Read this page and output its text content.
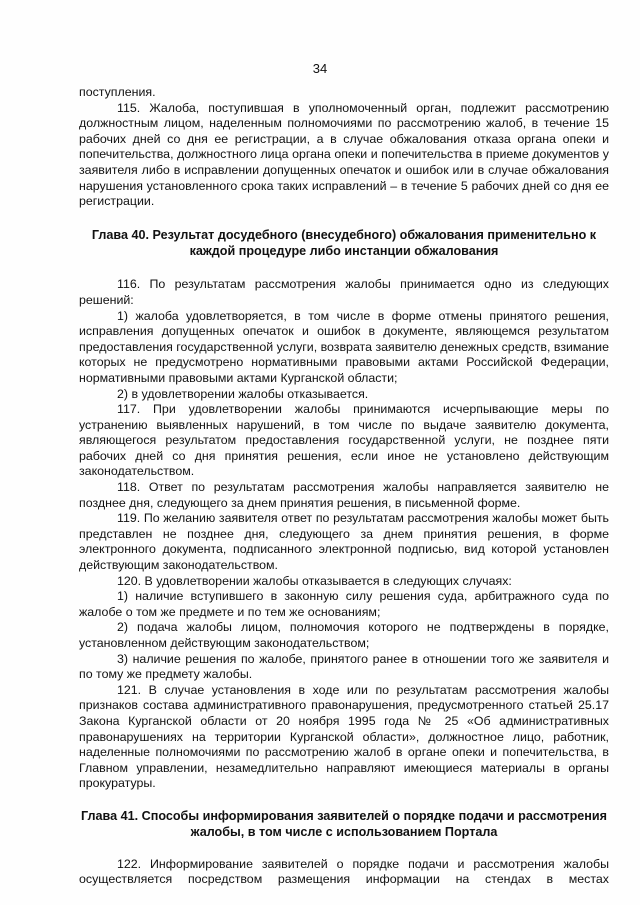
34

поступления.

115. Жалоба, поступившая в уполномоченный орган, подлежит рассмотрению должностным лицом, наделенным полномочиями по рассмотрению жалоб, в течение 15 рабочих дней со дня ее регистрации, а в случае обжалования отказа органа опеки и попечительства, должностного лица органа опеки и попечительства в приеме документов у заявителя либо в исправлении допущенных опечаток и ошибок или в случае обжалования нарушения установленного срока таких исправлений – в течение 5 рабочих дней со дня ее регистрации.

Глава 40. Результат досудебного (внесудебного) обжалования применительно к каждой процедуре либо инстанции обжалования

116. По результатам рассмотрения жалобы принимается одно из следующих решений:

1) жалоба удовлетворяется, в том числе в форме отмены принятого решения, исправления допущенных опечаток и ошибок в документе, являющемся результатом предоставления государственной услуги, возврата заявителю денежных средств, взимание которых не предусмотрено нормативными правовыми актами Российской Федерации, нормативными правовыми актами Курганской области;

2) в удовлетворении жалобы отказывается.

117. При удовлетворении жалобы принимаются исчерпывающие меры по устранению выявленных нарушений, в том числе по выдаче заявителю документа, являющегося результатом предоставления государственной услуги, не позднее пяти рабочих дней со дня принятия решения, если иное не установлено действующим законодательством.

118. Ответ по результатам рассмотрения жалобы направляется заявителю не позднее дня, следующего за днем принятия решения, в письменной форме.

119. По желанию заявителя ответ по результатам рассмотрения жалобы может быть представлен не позднее дня, следующего за днем принятия решения, в форме электронного документа, подписанного электронной подписью, вид которой установлен действующим законодательством.

120. В удовлетворении жалобы отказывается в следующих случаях:

1) наличие вступившего в законную силу решения суда, арбитражного суда по жалобе о том же предмете и по тем же основаниям;

2) подача жалобы лицом, полномочия которого не подтверждены в порядке, установленном действующим законодательством;

3) наличие решения по жалобе, принятого ранее в отношении того же заявителя и по тому же предмету жалобы.

121. В случае установления в ходе или по результатам рассмотрения жалобы признаков состава административного правонарушения, предусмотренного статьей 25.17 Закона Курганской области от 20 ноября 1995 года № 25 «Об административных правонарушениях на территории Курганской области», должностное лицо, работник, наделенные полномочиями по рассмотрению жалоб в органе опеки и попечительства, в Главном управлении, незамедлительно направляют имеющиеся материалы в органы прокуратуры.

Глава 41. Способы информирования заявителей о порядке подачи и рассмотрения жалобы, в том числе с использованием Портала

122. Информирование заявителей о порядке подачи и рассмотрения жалобы осуществляется посредством размещения информации на стендах в местах
